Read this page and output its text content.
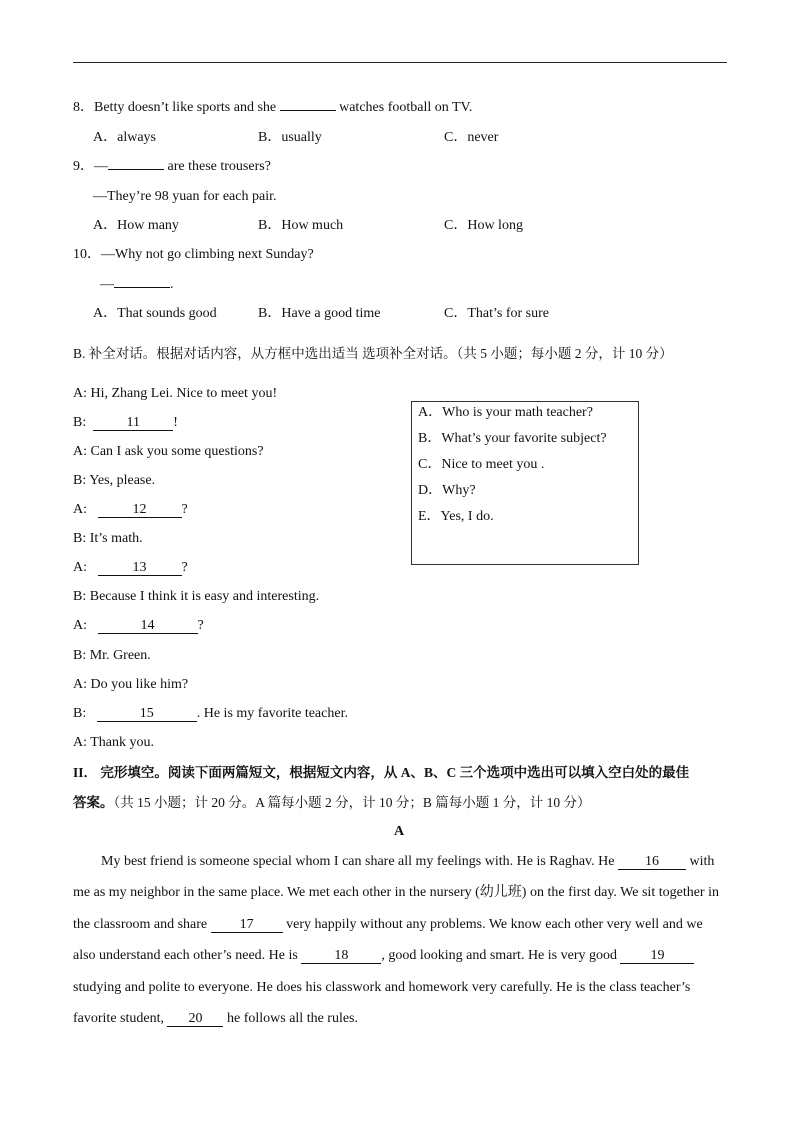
8．Betty doesn’t like sports and she	watches football on TV.
A．always	B．usually	C．never
9．—	are these trousers?
—They’re 98 yuan for each pair.
A．How many	B．How much	C．How long
10．—Why not go climbing next Sunday?
—	.
A．That sounds good	B．Have a good time	C．That’s for sure
B. 补全对话。根据对话内容，从方框中选出适当 选项补全对话。（共 5 小题；每小题 2 分，计 10 分）
A: Hi, Zhang Lei. Nice to meet you!
B:	11 !
A: Can I ask you some questions?
B: Yes, please.
A:	12	?
B: It’s math.
A:	13	?
B: Because I think it is easy and interesting.
A:	14	?
B: Mr. Green.
A: Do you like him?
B:	15	. He is my favorite teacher.
A: Thank you.
A．Who is your math teacher?
B．What’s your favorite subject?
C．Nice to meet you .
D．Why?
E．Yes, I do.
II． 完形填空。阅读下面两篇短文，根据短文内容，从 A、B、C 三个选项中选出可以填入空白处的最佳
答案。（共 15 小题；计 20 分。A 篇每小题 2 分，计 10 分；B 篇每小题 1 分，计 10 分）
A
My best friend is someone special whom I can share all my feelings with. He is Raghav. He 16 with
me as my neighbor in the same place. We met each other in the nursery (幼儿班) on the first day. We sit together in
the classroom and share 17 very happily without any problems. We know each other very well and we
also understand each other’s need. He is 18 , good looking and smart. He is very good 19
studying and polite to everyone. He does his classwork and homework very carefully. He is the class teacher’s
favorite student, 20 he follows all the rules.
